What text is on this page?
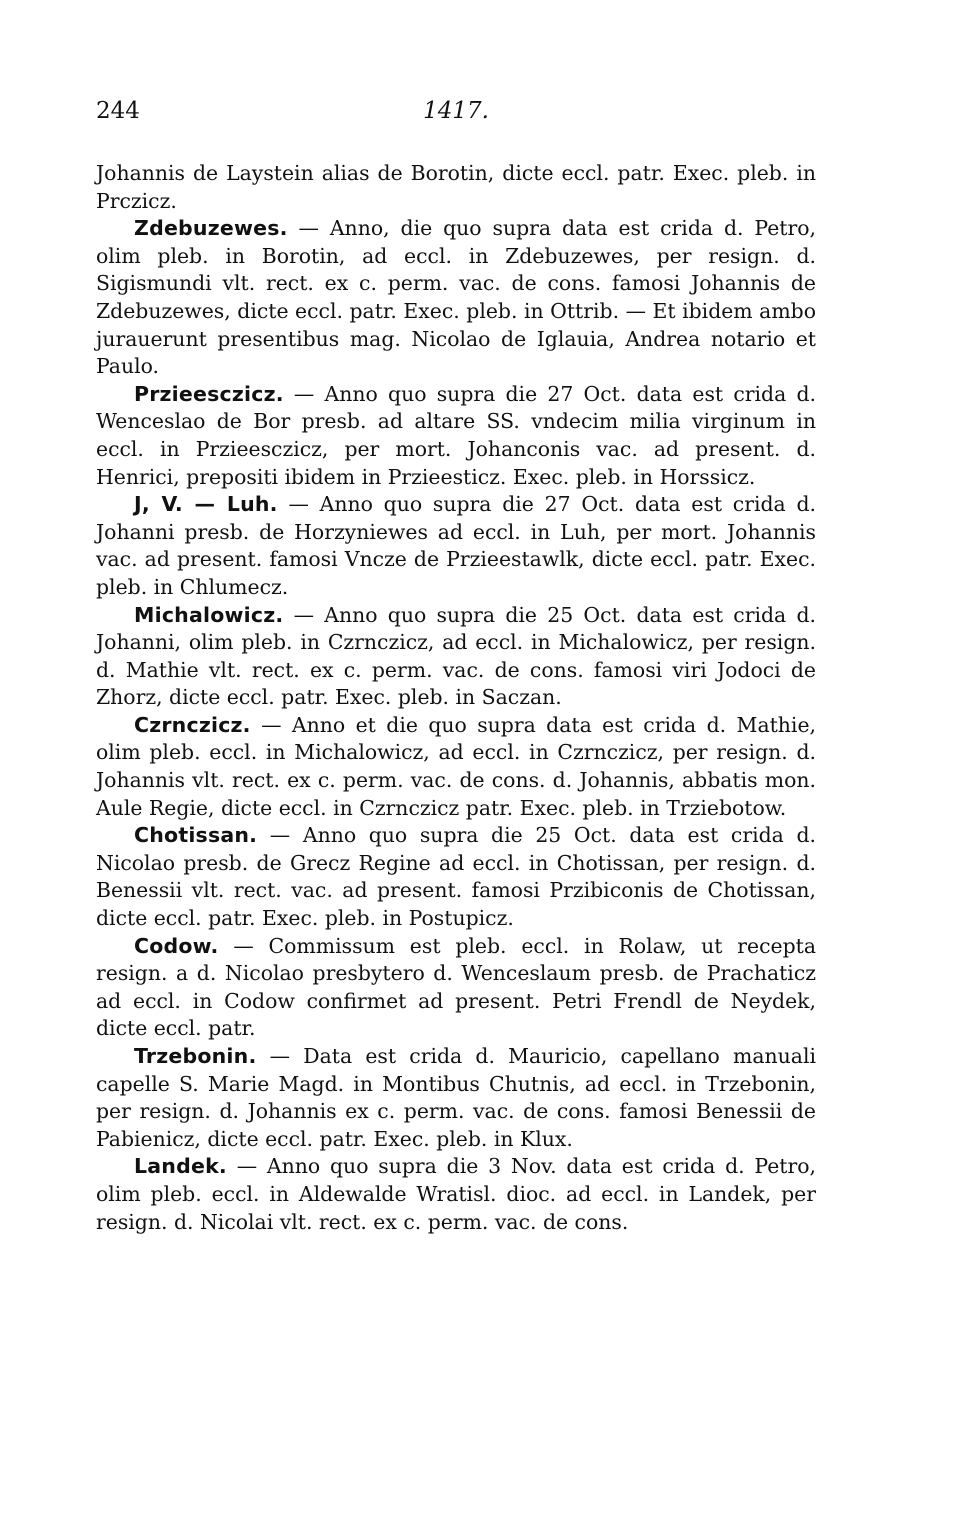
244	1417.

Johannis de Laystein alias de Borotin, dicte eccl. patr. Exec. pleb. in Prczicz.

Zdebuzewes. — Anno, die quo supra data est crida d. Petro, olim pleb. in Borotin, ad eccl. in Zdebuzewes, per resign. d. Sigismundi vlt. rect. ex c. perm. vac. de cons. famosi Johannis de Zdebuzewes, dicte eccl. patr. Exec. pleb. in Ottrib. — Et ibidem ambo jurauerunt presentibus mag. Nicolao de Iglauia, Andrea notario et Paulo.

Przieesczicz. — Anno quo supra die 27 Oct. data est crida d. Wenceslao de Bor presb. ad altare SS. vndecim milia virginum in eccl. in Przieesczicz, per mort. Johanconis vac. ad present. d. Henrici, prepositi ibidem in Przieesticz. Exec. pleb. in Horssicz.

J, V. — Luh. — Anno quo supra die 27 Oct. data est crida d. Johanni presb. de Horzyniewes ad eccl. in Luh, per mort. Johannis vac. ad present. famosi Vncze de Przieestawlk, dicte eccl. patr. Exec. pleb. in Chlumecz.

Michalowicz. — Anno quo supra die 25 Oct. data est crida d. Johanni, olim pleb. in Czrnczicz, ad eccl. in Michalowicz, per resign. d. Mathie vlt. rect. ex c. perm. vac. de cons. famosi viri Jodoci de Zhorz, dicte eccl. patr. Exec. pleb. in Saczan.

Czrnczicz. — Anno et die quo supra data est crida d. Mathie, olim pleb. eccl. in Michalowicz, ad eccl. in Czrnczicz, per resign. d. Johannis vlt. rect. ex c. perm. vac. de cons. d. Johannis, abbatis mon. Aule Regie, dicte eccl. in Czrnczicz patr. Exec. pleb. in Trziebotow.

Chotissan. — Anno quo supra die 25 Oct. data est crida d. Nicolao presb. de Grecz Regine ad eccl. in Chotissan, per resign. d. Benessii vlt. rect. vac. ad present. famosi Przibiconis de Chotissan, dicte eccl. patr. Exec. pleb. in Postupicz.

Codow. — Commissum est pleb. eccl. in Rolaw, ut recepta resign. a d. Nicolao presbytero d. Wenceslaum presb. de Prachaticz ad eccl. in Codow confirmet ad present. Petri Frendl de Neydek, dicte eccl. patr.

Trzebonin. — Data est crida d. Mauricio, capellano manuali capelle S. Marie Magd. in Montibus Chutnis, ad eccl. in Trzebonin, per resign. d. Johannis ex c. perm. vac. de cons. famosi Benessii de Pabienicz, dicte eccl. patr. Exec. pleb. in Klux.

Landek. — Anno quo supra die 3 Nov. data est crida d. Petro, olim pleb. eccl. in Aldewalde Wratisl. dioc. ad eccl. in Landek, per resign. d. Nicolai vlt. rect. ex c. perm. vac. de cons.
